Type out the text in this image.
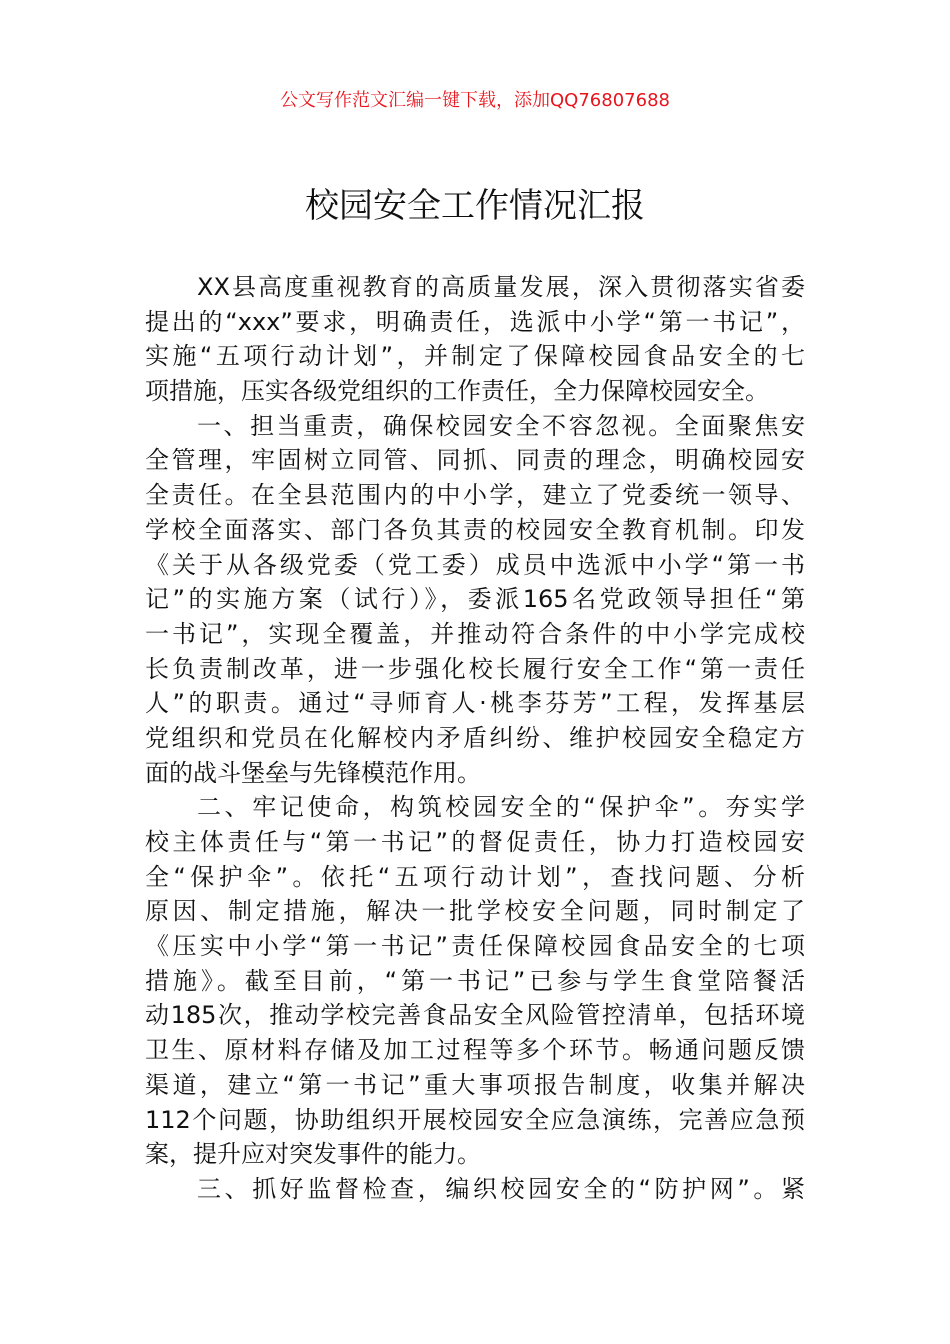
公文写作范文汇编一键下载，添加QQ76807688
校园安全工作情况汇报
XX县高度重视教育的高质量发展，深入贯彻落实省委
提出的“xxx”要求，明确责任，选派中小学“第一书记”，
实施“五项行动计划”，并制定了保障校园食品安全的七
项措施，压实各级党组织的工作责任，全力保障校园安全。
一、担当重责，确保校园安全不容忽视。全面聚焦安
全管理，牢固树立同管、同抓、同责的理念，明确校园安
全责任。在全县范围内的中小学，建立了党委统一领导、
学校全面落实、部门各负其责的校园安全教育机制。印发
《关于从各级党委（党工委）成员中选派中小学“第一书
记”的实施方案（试行）》，委派165名党政领导担任“第
一书记”，实现全覆盖，并推动符合条件的中小学完成校
长负责制改革，进一步强化校长履行安全工作“第一责任
人”的职责。通过“寻师育人·桃李芬芳”工程，发挥基层
党组织和党员在化解校内矛盾纠纷、维护校园安全稳定方
面的战斗堡垒与先锋模范作用。
二、牢记使命，构筑校园安全的“保护伞”。夯实学
校主体责任与“第一书记”的督促责任，协力打造校园安
全“保护伞”。依托“五项行动计划”，查找问题、分析
原因、制定措施，解决一批学校安全问题，同时制定了
《压实中小学“第一书记”责任保障校园食品安全的七项
措施》。截至目前，“第一书记”已参与学生食堂陪餐活
动185次，推动学校完善食品安全风险管控清单，包括环境
卫生、原材料存储及加工过程等多个环节。畅通问题反馈
渠道，建立“第一书记”重大事项报告制度，收集并解决
112个问题，协助组织开展校园安全应急演练，完善应急预
案，提升应对突发事件的能力。
三、抓好监督检查，编织校园安全的“防护网”。紧
